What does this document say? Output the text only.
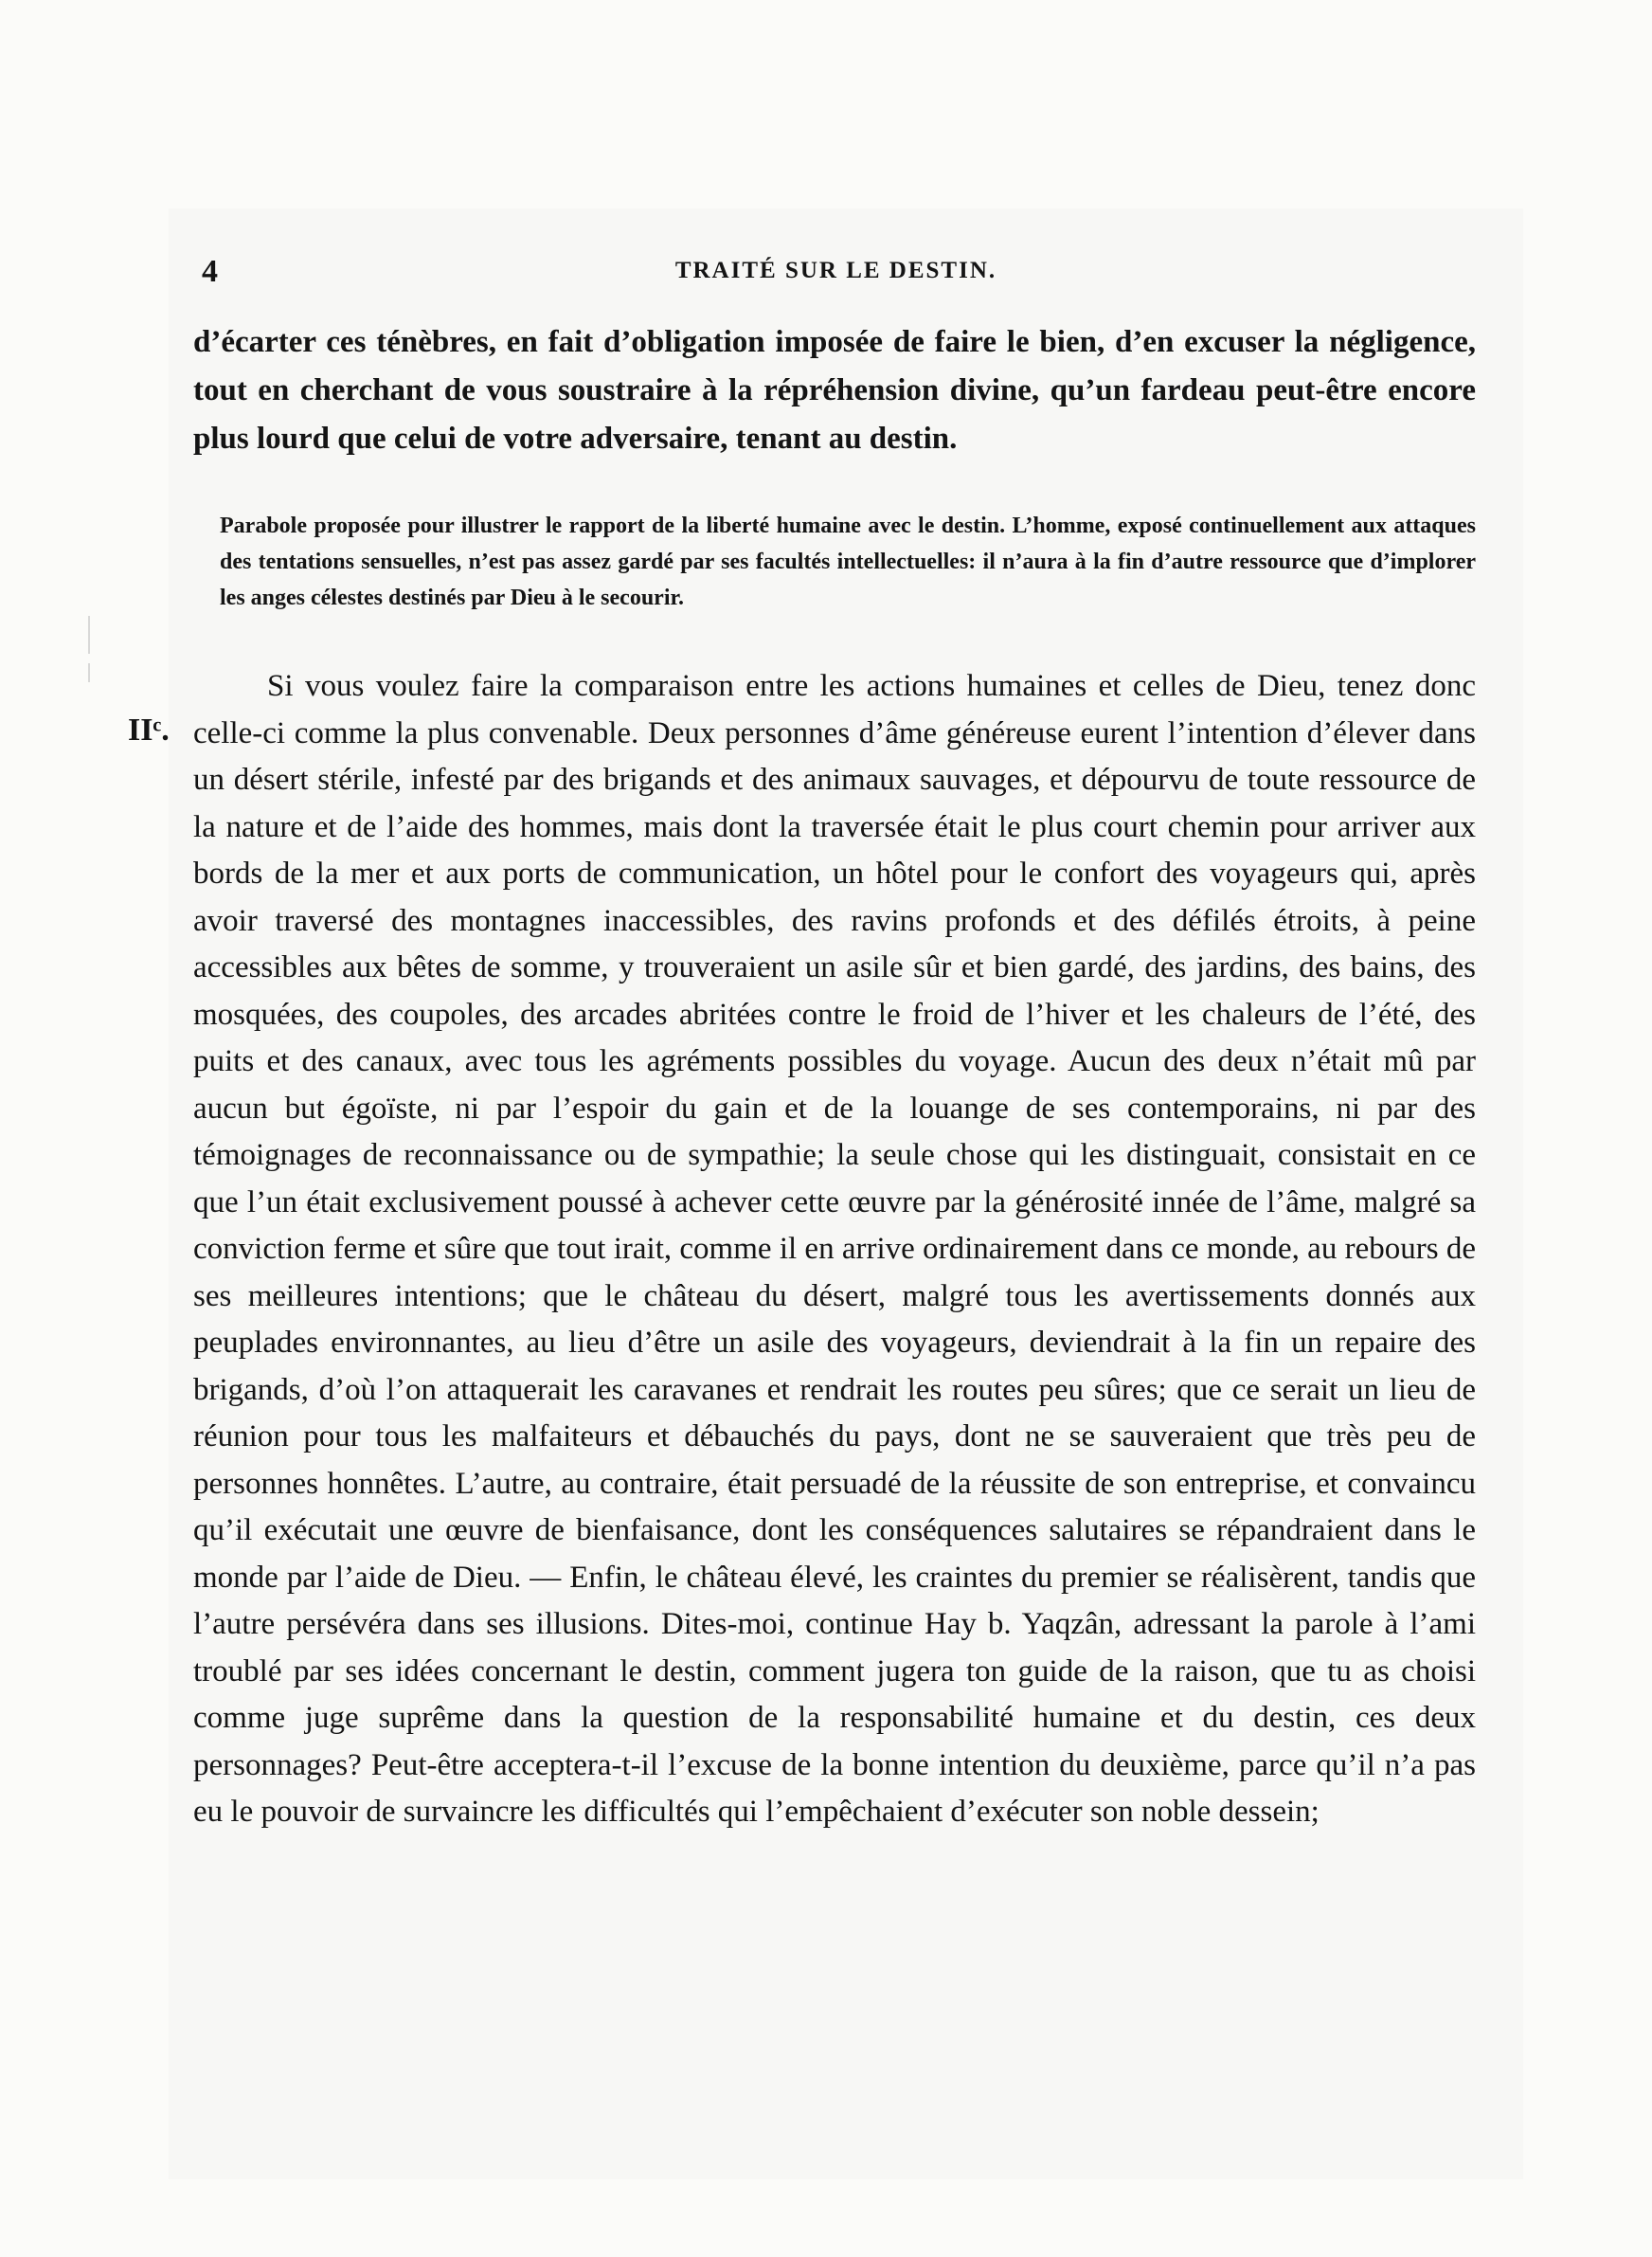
4	TRAITÉ SUR LE DESTIN.

d’écarter ces ténèbres, en fait d’obligation imposée de faire le bien, d’en excuser la négligence, tout en cherchant de vous soustraire à la répréhension divine, qu’un fardeau peut-être encore plus lourd que celui de votre adversaire, tenant au destin.

Parabole proposée pour illustrer le rapport de la liberté humaine avec le destin. L’homme, exposé continuellement aux attaques des tentations sensuelles, n’est pas assez gardé par ses facultés intellectuelles: il n’aura à la fin d’autre ressource que d’implorer les anges célestes destinés par Dieu à le secourir.

IIᶜ.

Si vous voulez faire la comparaison entre les actions humaines et celles de Dieu, tenez donc celle-ci comme la plus convenable. Deux personnes d’âme généreuse eurent l’intention d’élever dans un désert stérile, infesté par des brigands et des animaux sauvages, et dépourvu de toute ressource de la nature et de l’aide des hommes, mais dont la traversée était le plus court chemin pour arriver aux bords de la mer et aux ports de communication, un hôtel pour le confort des voyageurs qui, après avoir traversé des montagnes inaccessibles, des ravins profonds et des défilés étroits, à peine accessibles aux bêtes de somme, y trouveraient un asile sûr et bien gardé, des jardins, des bains, des mosquées, des coupoles, des arcades abritées contre le froid de l’hiver et les chaleurs de l’été, des puits et des canaux, avec tous les agréments possibles du voyage. Aucun des deux n’était mû par aucun but égoïste, ni par l’espoir du gain et de la louange de ses contemporains, ni par des témoignages de reconnaissance ou de sympathie; la seule chose qui les distinguait, consistait en ce que l’un était exclusivement poussé à achever cette œuvre par la générosité innée de l’âme, malgré sa conviction ferme et sûre que tout irait, comme il en arrive ordinairement dans ce monde, au rebours de ses meilleures intentions; que le château du désert, malgré tous les avertissements donnés aux peuplades environnantes, au lieu d’être un asile des voyageurs, deviendrait à la fin un repaire des brigands, d’où l’on attaquerait les caravanes et rendrait les routes peu sûres; que ce serait un lieu de réunion pour tous les malfaiteurs et débauchés du pays, dont ne se sauveraient que très peu de personnes honnêtes. L’autre, au contraire, était persuadé de la réussite de son entreprise, et convaincu qu’il exécutait une œuvre de bienfaisance, dont les conséquences salutaires se répandraient dans le monde par l’aide de Dieu. — Enfin, le château élevé, les craintes du premier se réalisèrent, tandis que l’autre persévéra dans ses illusions. Dites-moi, continue Hay b. Yaqzân, adressant la parole à l’ami troublé par ses idées concernant le destin, comment jugera ton guide de la raison, que tu as choisi comme juge suprême dans la question de la responsabilité humaine et du destin, ces deux personnages? Peut-être acceptera-t-il l’excuse de la bonne intention du deuxième, parce qu’il n’a pas eu le pouvoir de survaincre les difficultés qui l’empêchaient d’exécuter son noble dessein;
